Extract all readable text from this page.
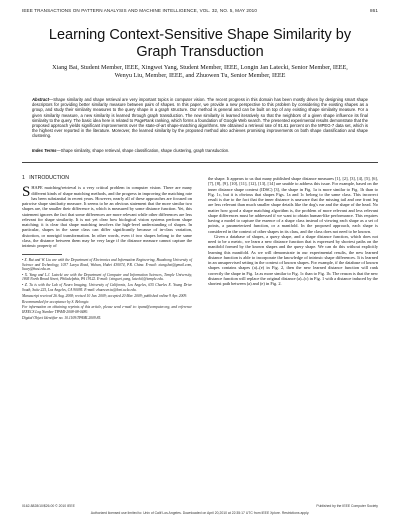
IEEE TRANSACTIONS ON PATTERN ANALYSIS AND MACHINE INTELLIGENCE, VOL. 32, NO. 5, MAY 2010	861
Learning Context-Sensitive Shape Similarity by Graph Transduction
Xiang Bai, Student Member, IEEE, Xingwei Yang, Student Member, IEEE, Longin Jan Latecki, Senior Member, IEEE, Wenyu Liu, Member, IEEE, and Zhuowen Tu, Senior Member, IEEE
Abstract—Shape similarity and shape retrieval are very important topics in computer vision. The recent progress in this domain has been mostly driven by designing smart shape descriptors for providing better similarity measure between pairs of shapes. In this paper, we provide a new perspective to this problem by considering the existing shapes as a group, and study their similarity measures to the query shape in a graph structure. Our method is general and can be built on top of any existing shape similarity measure. For a given similarity measure, a new similarity is learned through graph transduction. The new similarity is learned iteratively so that the neighbors of a given shape influence its final similarity to the query. The basic idea here is related to PageRank ranking, which forms a foundation of Google Web search. The presented experimental results demonstrate that the proposed approach yields significant improvements over the state-of-art shape-matching algorithms. We obtained a retrieval rate of 91.61 percent on the MPEG-7 data set, which is the highest ever reported in the literature. Moreover, the learned similarity by the proposed method also achieves promising improvements on both shape classification and shape clustering.
Index Terms—Shape similarity, shape retrieval, shape classification, shape clustering, graph transduction.
1 INTRODUCTION

SHAPE matching/retrieval is a very critical problem in computer vision. There are many different kinds of shape matching methods, and the progress in improving the matching rate has been substantial in recent years. However, nearly all of these approaches are focused on pairwise shape similarity measure. It seems to be an obvious statement that the more similar two shapes are, the smaller their difference is, which is measured by some distance function. Yet, this statement ignores the fact that some differences are more relevant while other differences are less relevant for shape similarity. It is not yet clear how biological vision systems perform shape matching; it is clear that shape matching involves the high-level understanding of shapes. In particular, shapes in the same class can differ significantly because of in-class variation, distortion, or nonrigid transformation. In other words, even if two shapes belong to the same class, the distance between them may be very large if the distance measure cannot capture the intrinsic property of

• X. Bai and W. Liu are with the Department of Electronics and Information Engineering, Huazhong University of Science and Technology, 1037 Luoyu Road, Wuhan, Hubei 430074, P.R. China. E-mail: xiang.bai@gmail.com, liuwy@hust.edu.cn.
• X. Yang and L.J. Latecki are with the Department of Computer and Information Sciences, Temple University, 1805 North Broad Street, Philadelphia, PA 19122. E-mail: {xingwei.yang, latecki}@temple.edu.
• Z. Tu is with the Lab of Neuro Imaging, University of California, Los Angeles, 635 Charles E. Young Drive South, Suite 225, Los Angeles, CA 90095. E-mail: zhuowen.tu@loni.ucla.edu.
Manuscript received 26 Aug. 2008; revised 10 Jan. 2009; accepted 20 Mar. 2009; published online 9 Apr. 2009.
Recommended for acceptance by S. Belongie.
For information on obtaining reprints of this article, please send e-mail to: tpami@computer.org, and reference IEEECS Log Number TPAMI-2008-08-0480.
Digital Object Identifier no. 10.1109/TPAMI.2009.85.

the shape. It appears to us that many published shape distance measures [1], [2], [3], [4], [5], [6], [7], [8], [9], [10], [11], [12], [13], [14] are unable to address this issue. For example, based on the inner distance shape context (IDSC) [3], the shape in Fig. 1a is more similar to Fig. 1b than to Fig. 1c, but it is obvious that shapes Figs. 1a and 1c belong to the same class. This incorrect result is due to the fact that the inner distance is unaware that the missing tail and one front leg are less relevant than much smaller shape details like the dog's ear and the shape of the head. No matter how good a shape matching algorithm is, the problem of more relevant and less relevant shape differences must be addressed if we want to obtain human-like performance. This requires having a model to capture the essence of a shape class instead of viewing each shape as a set of points, a parameterized function, or a manifold. In the proposed approach, each shape is considered in the context of other shapes in its class, and the class does not need to be known.

Given a database of shapes, a query shape, and a shape distance function, which does not need to be a metric, we learn a new distance function that is expressed by shortest paths on the manifold formed by the known shapes and the query shape. We can do this without explicitly learning this manifold. As we will demonstrate in our experimental results, the new learned distance function is able to incorporate the knowledge of intrinsic shape differences. It is learned in an unsupervised setting in the context of known shapes. For example, if the database of known shapes contains shapes (a)–(e) in Fig. 2, then the new learned distance function will rank correctly the shape in Fig. 1a as more similar to Fig. 1c than to Fig. 1b. The reason is that the new distance function will replace the original distance (a)–(c) in Fig. 1 with a distance induced by the shortest path between (a) and (e) in Fig. 2.

0162-8828/10/$26.00 © 2010 IEEE	Published by the IEEE Computer Society
Authorized licensed use limited to: Univ of Calif Los Angeles. Downloaded on April 20,2010 at 22:35:17 UTC from IEEE Xplore. Restrictions apply.
